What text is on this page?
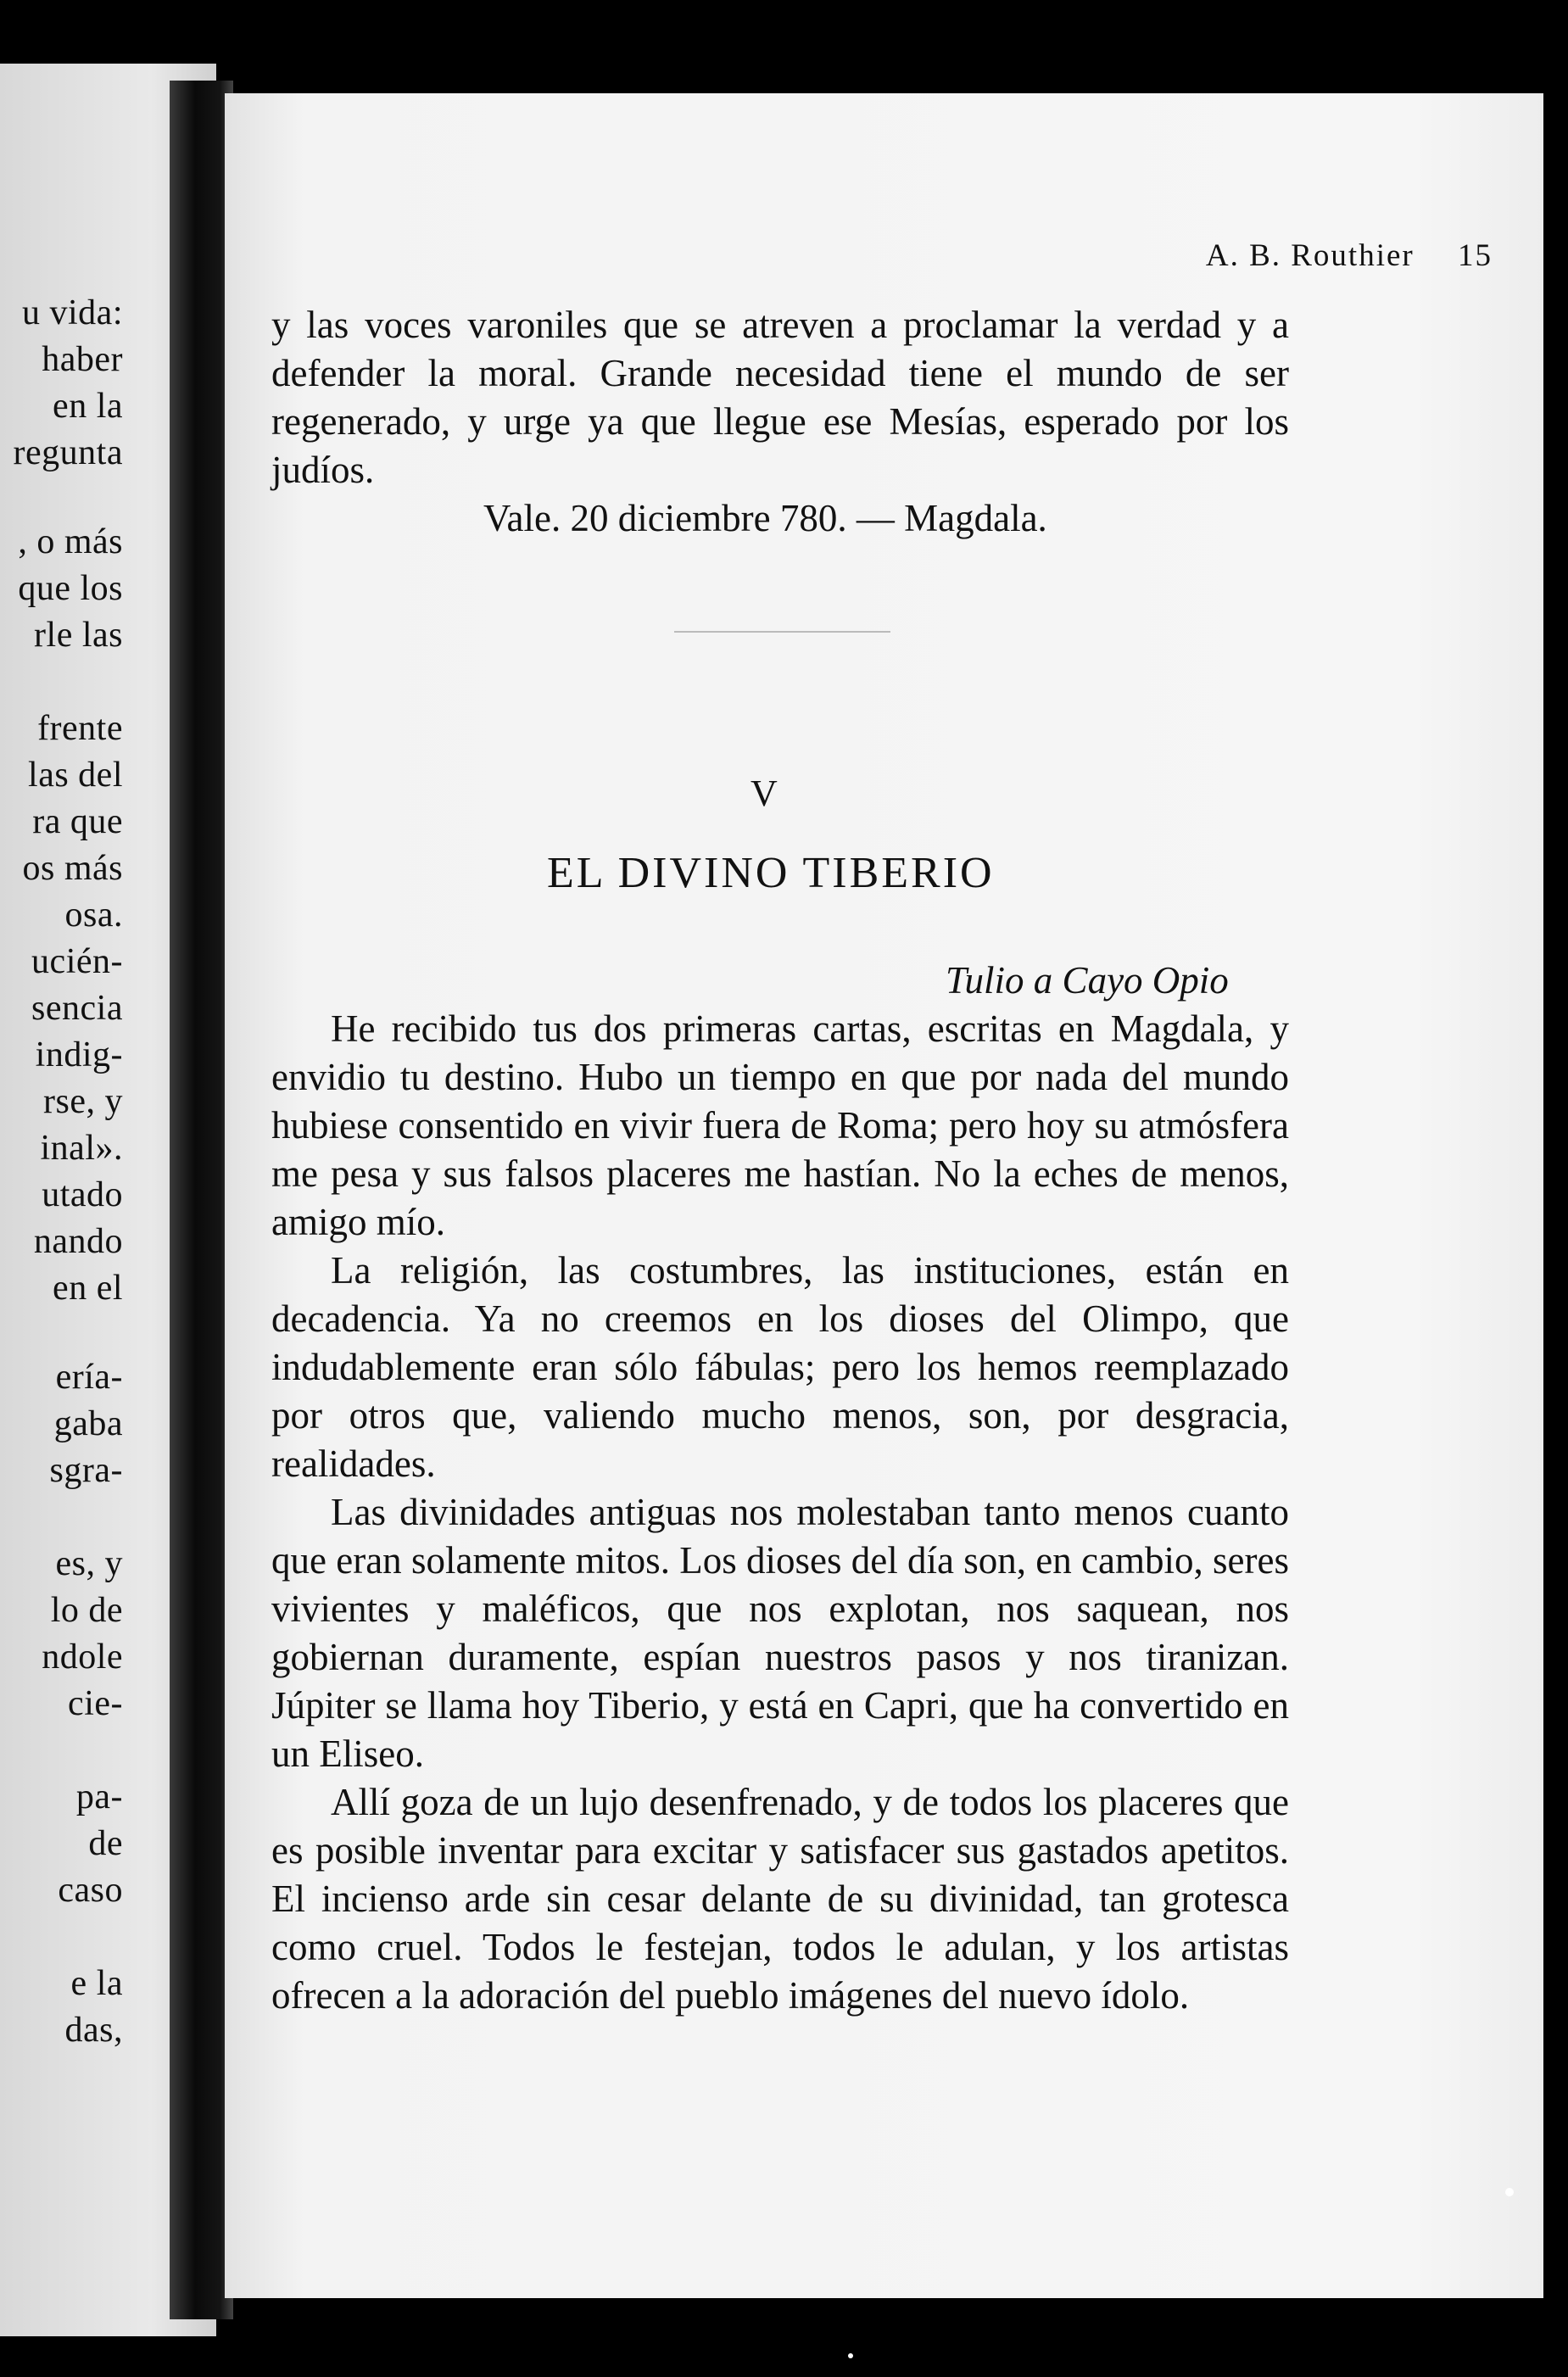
u vida:
haber
en la
regunta
, o más
que los
rle las
frente
las del
ra que
os más
osa.
ucién-
sencia
indig-
rse, y
inal».
utado
nando
en el
ería-
gaba
sgra-
es, y
lo de
ndole
cie-
pa-
de
caso
e la
das,
A. B. Routhier 15

y las voces varoniles que se atreven a proclamar la verdad y a defender la moral. Grande necesidad tiene el mundo de ser regenerado, y urge ya que llegue ese Mesías, esperado por los judíos.

Vale. 20 diciembre 780. — Magdala.

V
EL DIVINO TIBERIO
Tulio a Cayo Opio

He recibido tus dos primeras cartas, escritas en Magdala, y envidio tu destino. Hubo un tiempo en que por nada del mundo hubiese consentido en vivir fuera de Roma; pero hoy su atmósfera me pesa y sus falsos placeres me hastían. No la eches de menos, amigo mío.

La religión, las costumbres, las instituciones, están en decadencia. Ya no creemos en los dioses del Olimpo, que indudablemente eran sólo fábulas; pero los hemos reemplazado por otros que, valiendo mucho menos, son, por desgracia, realidades.

Las divinidades antiguas nos molestaban tanto menos cuanto que eran solamente mitos. Los dioses del día son, en cambio, seres vivientes y maléficos, que nos explotan, nos saquean, nos gobiernan duramente, espían nuestros pasos y nos tiranizan. Júpiter se llama hoy Tiberio, y está en Capri, que ha convertido en un Eliseo.

Allí goza de un lujo desenfrenado, y de todos los placeres que es posible inventar para excitar y satisfacer sus gastados apetitos. El incienso arde sin cesar delante de su divinidad, tan grotesca como cruel. Todos le festejan, todos le adulan, y los artistas ofrecen a la adoración del pueblo imágenes del nuevo ídolo.
